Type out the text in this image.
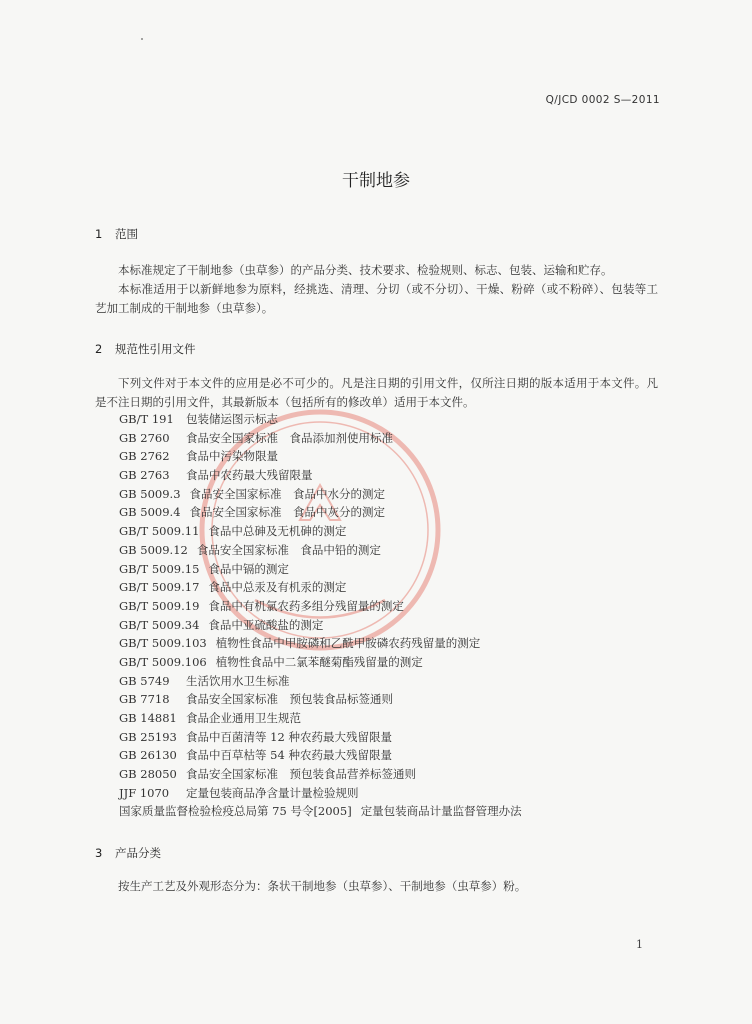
Q/JCD 0002 S—2011
干制地参
1 范围

本标准规定了干制地参（虫草参）的产品分类、技术要求、检验规则、标志、包装、运输和贮存。

本标准适用于以新鲜地参为原料，经挑选、清理、分切（或不分切）、干燥、粉碎（或不粉碎）、包装等工艺加工制成的干制地参（虫草参）。

2 规范性引用文件

下列文件对于本文件的应用是必不可少的。凡是注日期的引用文件，仅所注日期的版本适用于本文件。凡是不注日期的引用文件，其最新版本（包括所有的修改单）适用于本文件。

GB/T 191 包装储运图示标志
GB 2760 食品安全国家标准　食品添加剂使用标准
GB 2762 食品中污染物限量
GB 2763 食品中农药最大残留限量
GB 5009.3 食品安全国家标准　食品中水分的测定
GB 5009.4 食品安全国家标准　食品中灰分的测定
GB/T 5009.11 食品中总砷及无机砷的测定
GB 5009.12 食品安全国家标准　食品中铅的测定
GB/T 5009.15 食品中镉的测定
GB/T 5009.17 食品中总汞及有机汞的测定
GB/T 5009.19 食品中有机氯农药多组分残留量的测定
GB/T 5009.34 食品中亚硫酸盐的测定
GB/T 5009.103 植物性食品中甲胺磷和乙酰甲胺磷农药残留量的测定
GB/T 5009.106 植物性食品中二氯苯醚菊酯残留量的测定
GB 5749 生活饮用水卫生标准
GB 7718 食品安全国家标准　预包装食品标签通则
GB 14881 食品企业通用卫生规范
GB 25193 食品中百菌清等 12 种农药最大残留限量
GB 26130 食品中百草枯等 54 种农药最大残留限量
GB 28050 食品安全国家标准　预包装食品营养标签通则
JJF 1070 定量包装商品净含量计量检验规则
国家质量监督检验检疫总局第 75 号令[2005] 定量包装商品计量监督管理办法
3 产品分类

按生产工艺及外观形态分为：条状干制地参（虫草参）、干制地参（虫草参）粉。

1
